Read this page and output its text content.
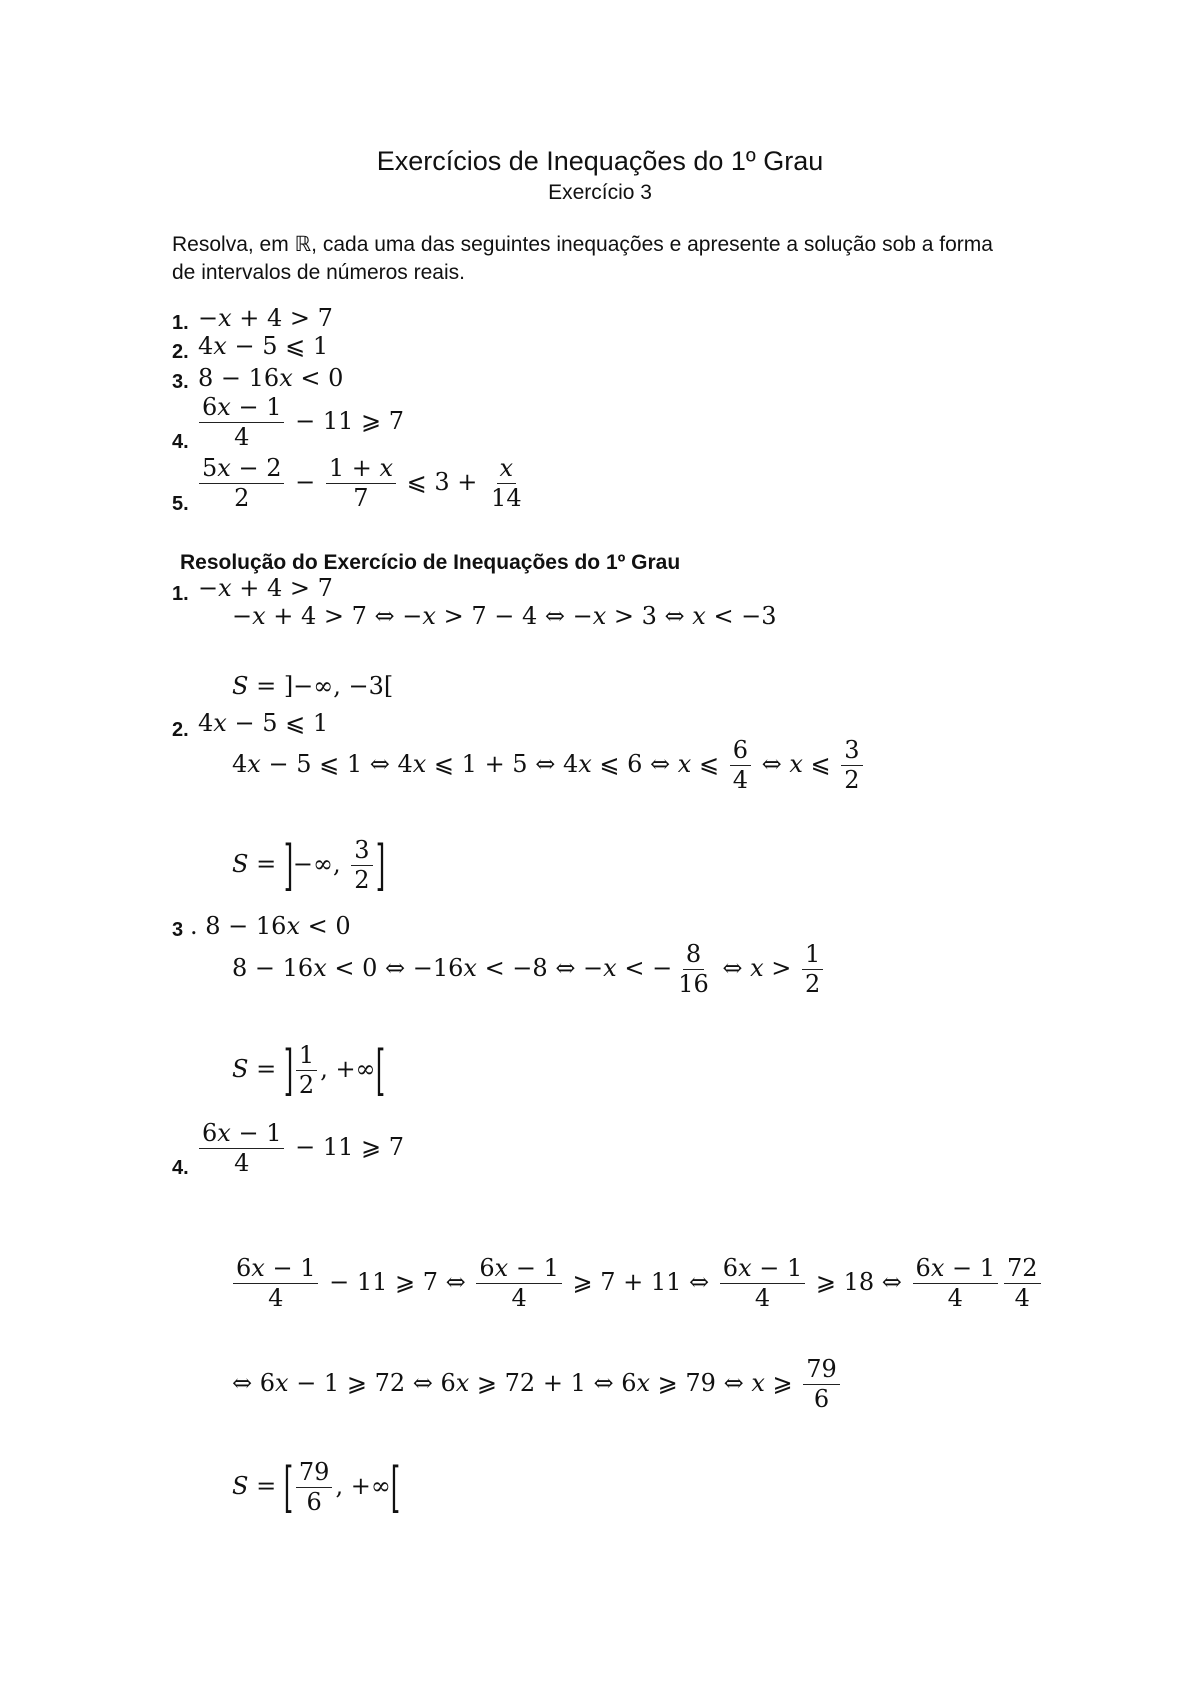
Exercícios de Inequações do 1º Grau
Exercício 3
Resolva, em ℝ, cada uma das seguintes inequações e apresente a solução sob a forma de intervalos de números reais.
1. −x + 4 > 7
2. 4x − 5 ⩽ 1
3. 8 − 16x < 0
4. $\frac{6x - 1}{4} - 11$ ⩾ 7
5. $\frac{5x - 2}{2} - \frac{1 + x}{7}$ ⩽ $3 + \frac{x}{14}$
Resolução do Exercício de Inequações do 1º Grau
1. −x + 4 > 7
−x + 4 > 7 ⇔ −x > 7 − 4 ⇔ −x > 3 ⇔ x < −3
S = ]−∞, −3[
2. 4x − 5 ⩽ 1
4x − 5 ⩽ 1 ⇔ 4x ⩽ 1 + 5 ⇔ 4x ⩽ 6 ⇔ x ⩽ $\frac{6}{4}$ ⇔ x ⩽ $\frac{3}{2}$
S = ]−∞, $\frac{3}{2}$ ]
3 . 8 − 16x < 0
8 − 16x < 0 ⇔ −16x < −8 ⇔ −x < − $\frac{8}{16}$ ⇔ $x > \frac{1}{2}$
S = ] $\frac{1}{2}$ , +∞[
4. $\frac{6x - 1}{4} - 11$ ⩾ 7
$\frac{6x - 1}{4} - 11$ ⩾ 7 ⇔ $\frac{6x - 1}{4}$ ⩾ 7 + 11 ⇔ $\frac{6x - 1}{4}$ ⩾ 18 ⇔ $\frac{6x - 1}{4} \frac{72}{4}$
⇔ 6x − 1 ⩾ 72 ⇔ 6x ⩾ 72 + 1 ⇔ 6x ⩾ 79 ⇔ x ⩾ $\frac{79}{6}$
S = [ $\frac{79}{6}$ , +∞[
